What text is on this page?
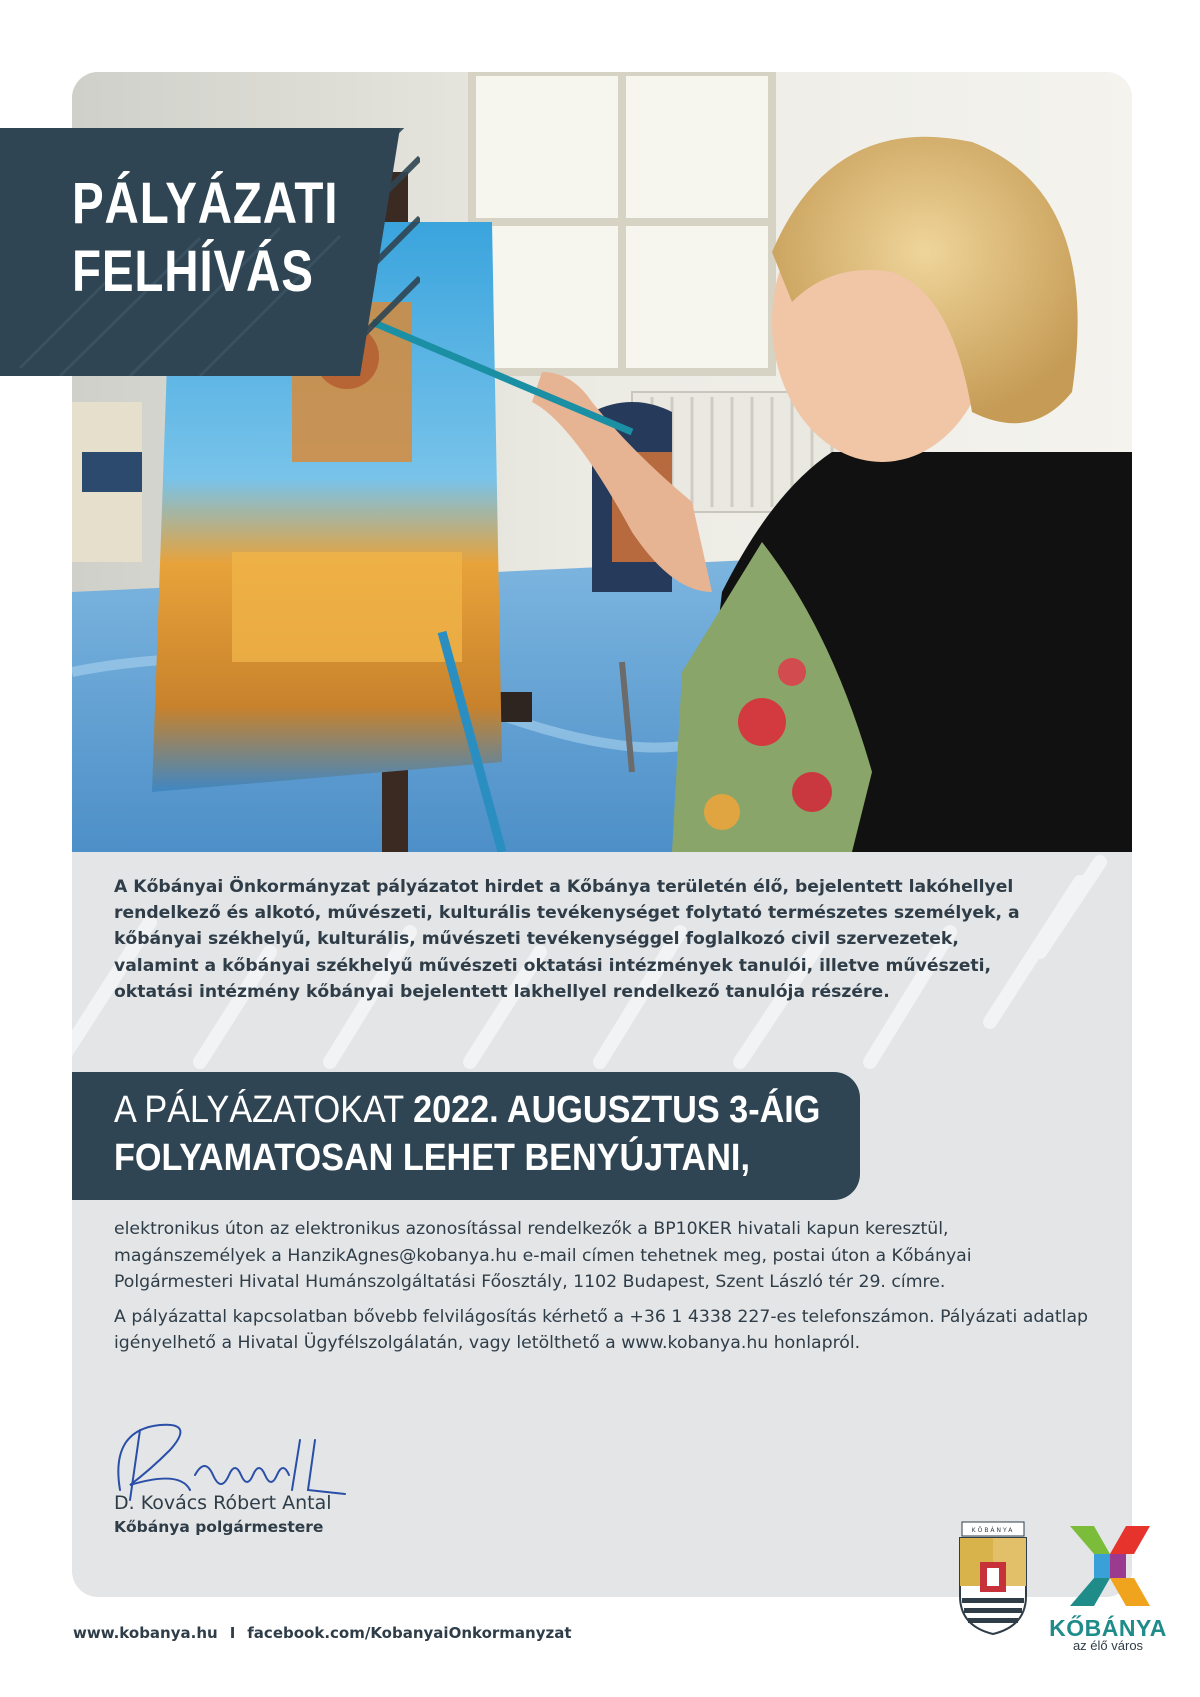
PÁLYÁZATI
FELHÍVÁS
A Kőbányai Önkormányzat pályázatot hirdet a Kőbánya területén élő, bejelentett lakóhellyel rendelkező és alkotó, művészeti, kulturális tevékenységet folytató természetes személyek, a kőbányai székhelyű, kulturális, művészeti tevékenységgel foglalkozó civil szervezetek, valamint a kőbányai székhelyű művészeti oktatási intézmények tanulói, illetve művészeti, oktatási intézmény kőbányai bejelentett lakhellyel rendelkező tanulója részére.
A PÁLYÁZATOKAT 2022. AUGUSZTUS 3-ÁIG
FOLYAMATOSAN LEHET BENYÚJTANI,

elektronikus úton az elektronikus azonosítással rendelkezők a BP10KER hivatali kapun keresztül, magánszemélyek a HanzikAgnes@kobanya.hu e-mail címen tehetnek meg, postai úton a Kőbányai Polgármesteri Hivatal Humánszolgáltatási Főosztály, 1102 Budapest, Szent László tér 29. címre.

A pályázattal kapcsolatban bővebb felvilágosítás kérhető a +36 1 4338 227-es telefonszámon. Pályázati adatlap igényelhető a Hivatal Ügyfélszolgálatán, vagy letölthető a www.kobanya.hu honlapról.

D. Kovács Róbert Antal
Kőbánya polgármestere	KŐBÁNYA
KŐBÁNYA
az élő város
www.kobanya.hu I facebook.com/KobanyaiOnkormanyzat
